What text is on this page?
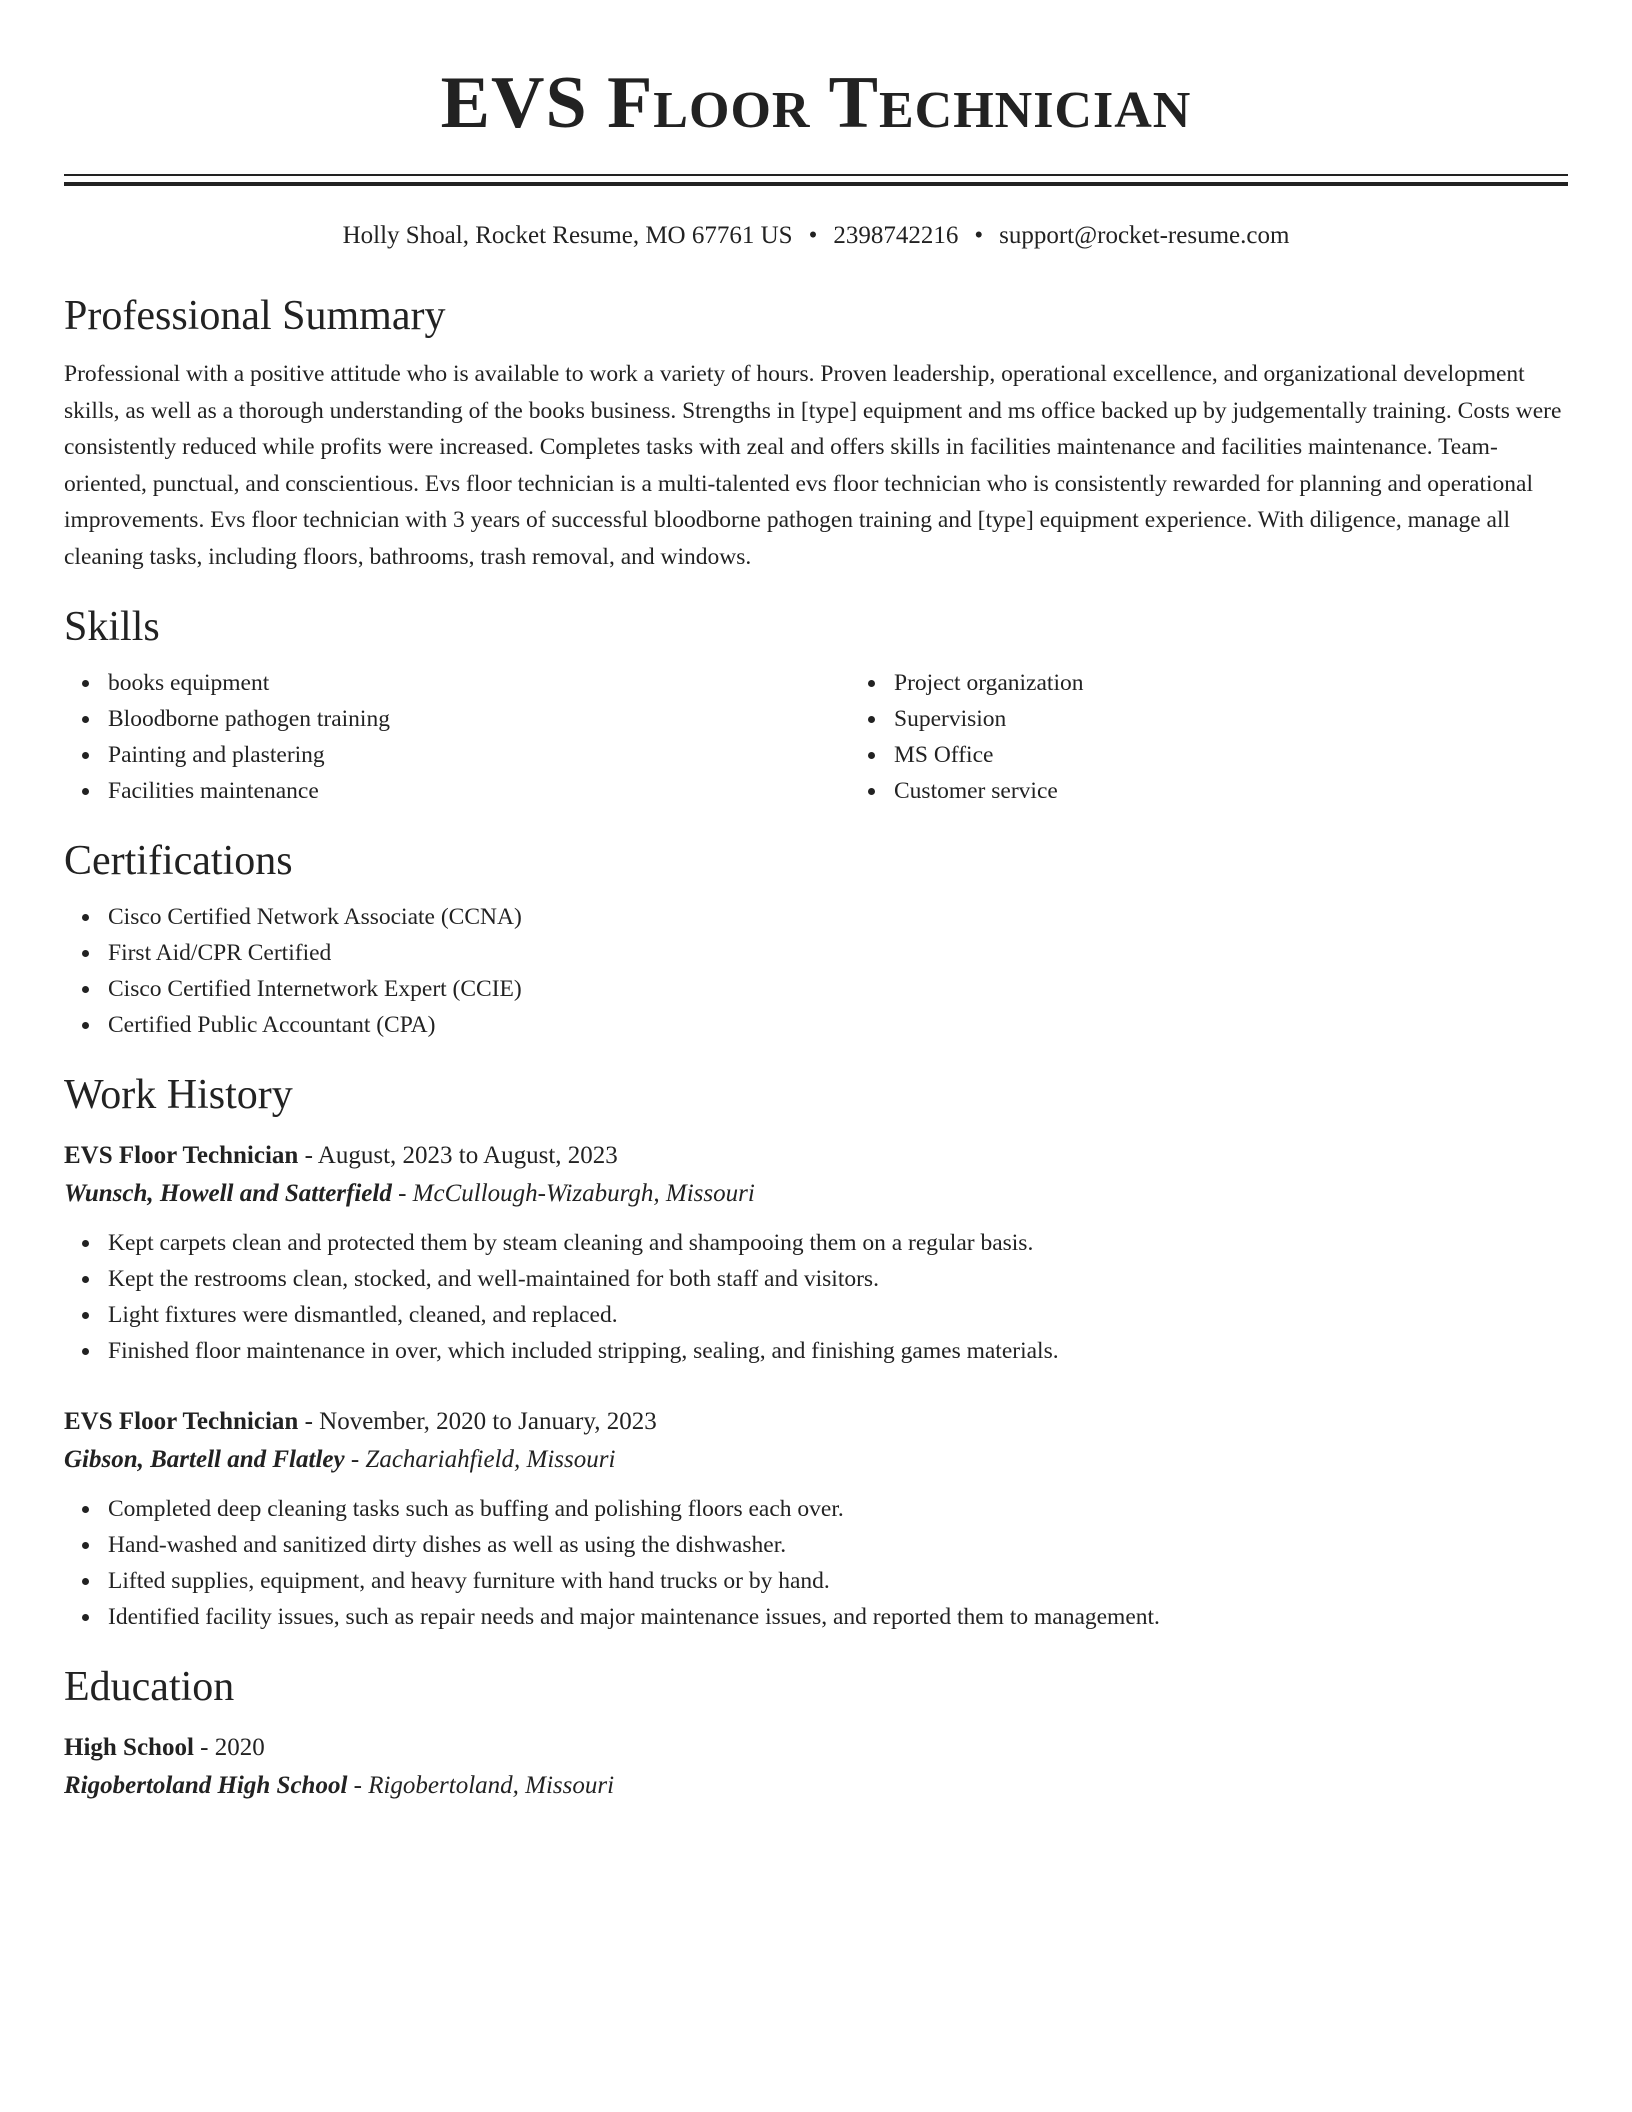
EVS Floor Technician
Holly Shoal, Rocket Resume, MO 67761 US • 2398742216 • support@rocket-resume.com
Professional Summary

Professional with a positive attitude who is available to work a variety of hours. Proven leadership, operational excellence, and organizational development skills, as well as a thorough understanding of the books business. Strengths in [type] equipment and ms office backed up by judgementally training. Costs were consistently reduced while profits were increased. Completes tasks with zeal and offers skills in facilities maintenance and facilities maintenance. Team-oriented, punctual, and conscientious. Evs floor technician is a multi-talented evs floor technician who is consistently rewarded for planning and operational improvements. Evs floor technician with 3 years of successful bloodborne pathogen training and [type] equipment experience. With diligence, manage all cleaning tasks, including floors, bathrooms, trash removal, and windows.

Skills
books equipment
Bloodborne pathogen training
Painting and plastering
Facilities maintenance
Project organization
Supervision
MS Office
Customer service
Certifications
Cisco Certified Network Associate (CCNA)
First Aid/CPR Certified
Cisco Certified Internetwork Expert (CCIE)
Certified Public Accountant (CPA)
Work History
EVS Floor Technician - August, 2023 to August, 2023
Wunsch, Howell and Satterfield - McCullough-Wizaburgh, Missouri
Kept carpets clean and protected them by steam cleaning and shampooing them on a regular basis.
Kept the restrooms clean, stocked, and well-maintained for both staff and visitors.
Light fixtures were dismantled, cleaned, and replaced.
Finished floor maintenance in over, which included stripping, sealing, and finishing games materials.
EVS Floor Technician - November, 2020 to January, 2023
Gibson, Bartell and Flatley - Zachariahfield, Missouri
Completed deep cleaning tasks such as buffing and polishing floors each over.
Hand-washed and sanitized dirty dishes as well as using the dishwasher.
Lifted supplies, equipment, and heavy furniture with hand trucks or by hand.
Identified facility issues, such as repair needs and major maintenance issues, and reported them to management.
Education
High School - 2020
Rigobertoland High School - Rigobertoland, Missouri
